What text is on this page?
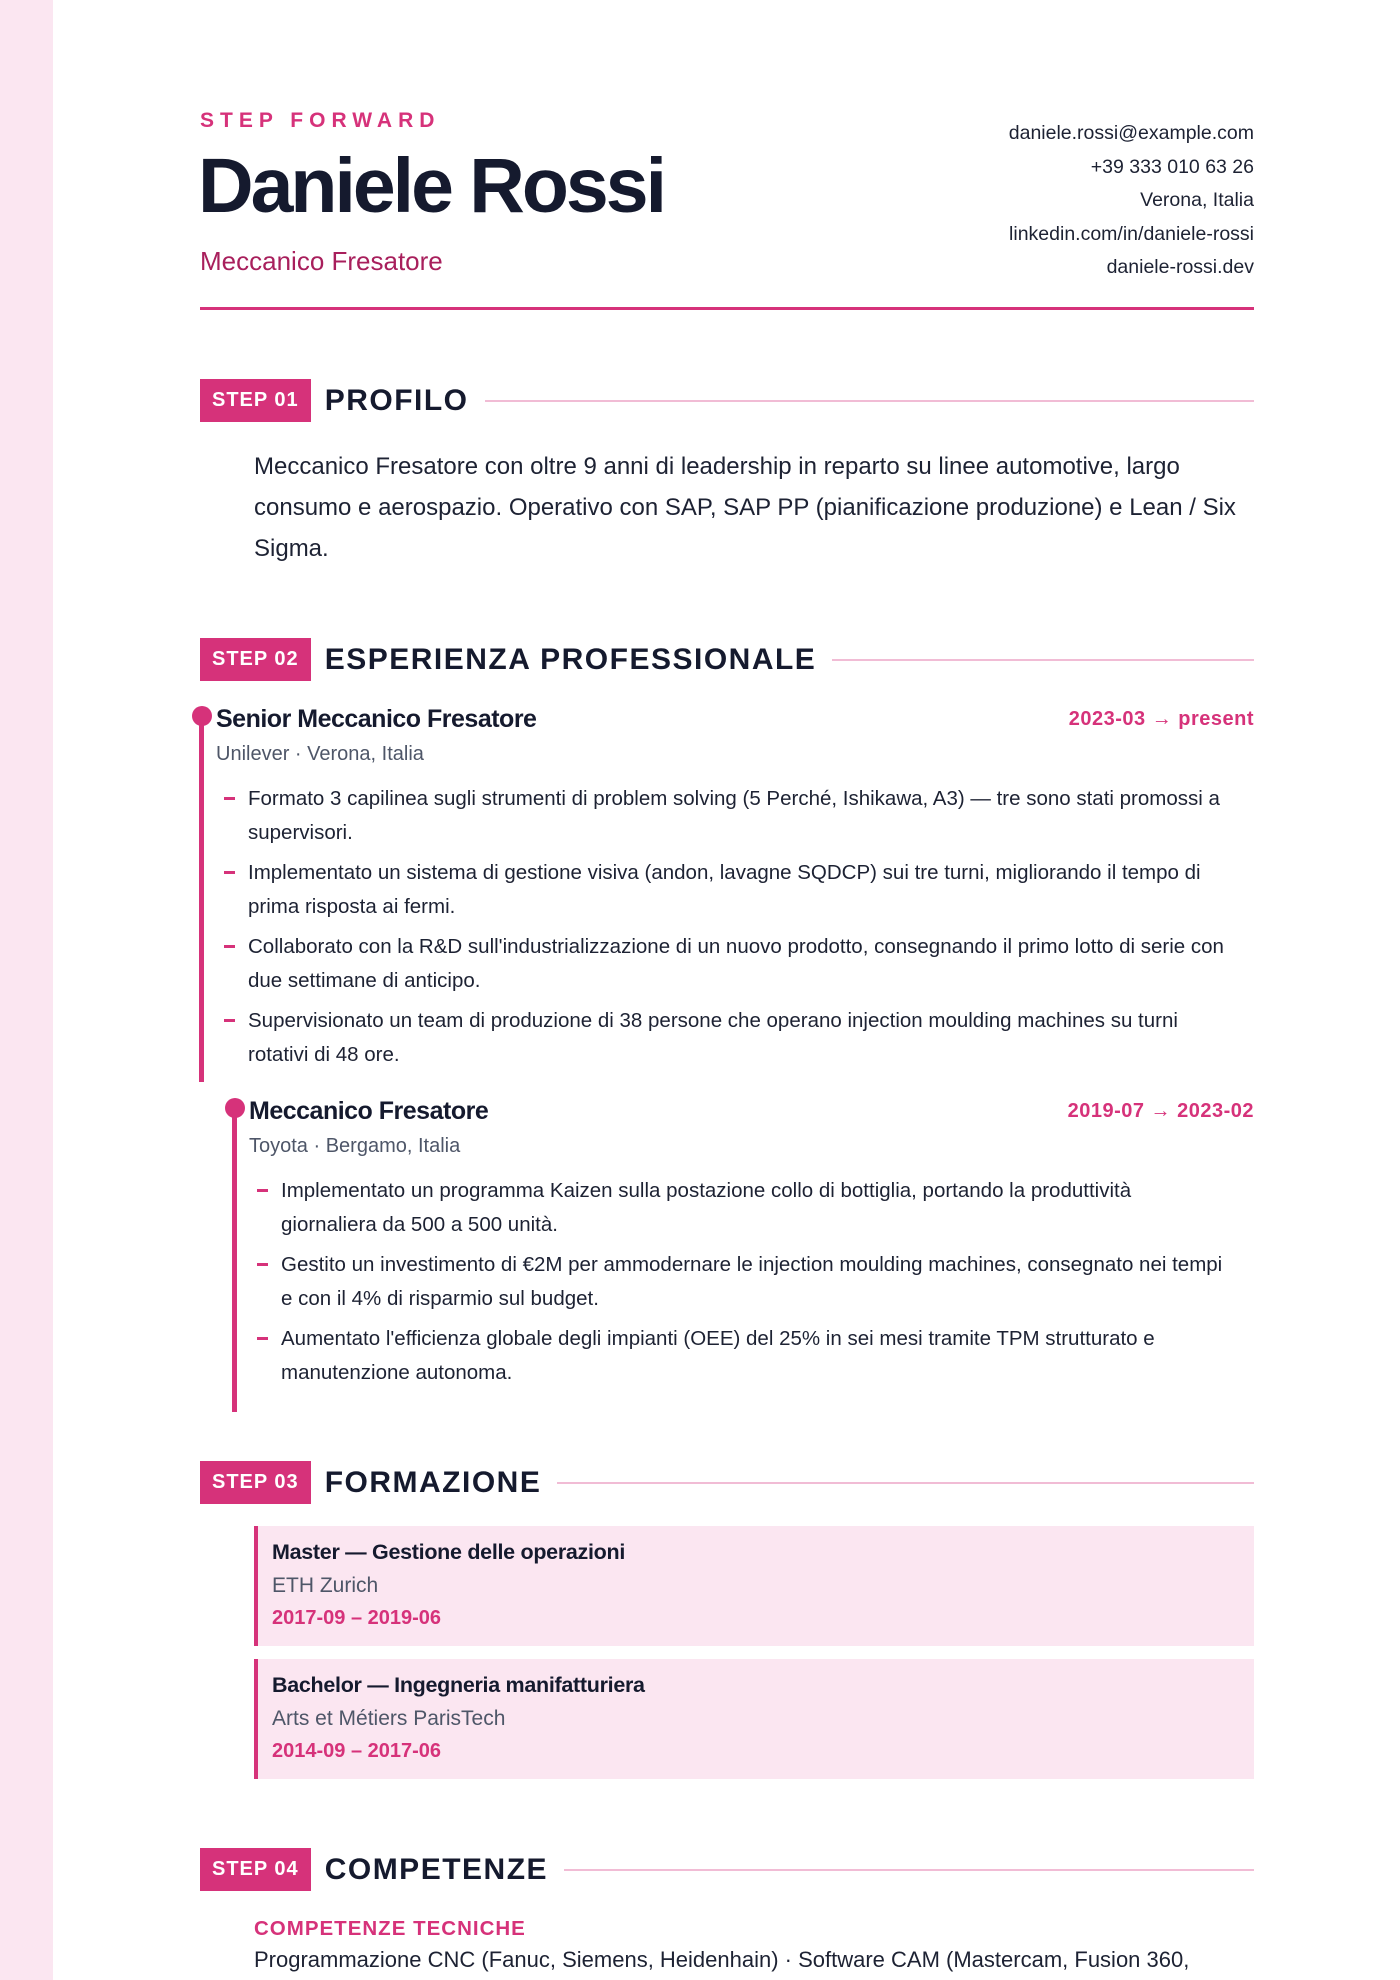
STEP FORWARD
Daniele Rossi
Meccanico Fresatore
daniele.rossi@example.com
+39 333 010 63 26
Verona, Italia
linkedin.com/in/daniele-rossi
daniele-rossi.dev
STEP 01 PROFILO
Meccanico Fresatore con oltre 9 anni di leadership in reparto su linee automotive, largo consumo e aerospazio. Operativo con SAP, SAP PP (pianificazione produzione) e Lean / Six Sigma.
STEP 02 ESPERIENZA PROFESSIONALE
Senior Meccanico Fresatore	2023-03 → present
Unilever · Verona, Italia
Formato 3 capilinea sugli strumenti di problem solving (5 Perché, Ishikawa, A3) — tre sono stati promossi a supervisori.
Implementato un sistema di gestione visiva (andon, lavagne SQDCP) sui tre turni, migliorando il tempo di prima risposta ai fermi.
Collaborato con la R&D sull'industrializzazione di un nuovo prodotto, consegnando il primo lotto di serie con due settimane di anticipo.
Supervisionato un team di produzione di 38 persone che operano injection moulding machines su turni rotativi di 48 ore.
Meccanico Fresatore	2019-07 → 2023-02
Toyota · Bergamo, Italia
Implementato un programma Kaizen sulla postazione collo di bottiglia, portando la produttività giornaliera da 500 a 500 unità.
Gestito un investimento di €2M per ammodernare le injection moulding machines, consegnato nei tempi e con il 4% di risparmio sul budget.
Aumentato l'efficienza globale degli impianti (OEE) del 25% in sei mesi tramite TPM strutturato e manutenzione autonoma.
STEP 03 FORMAZIONE
Master — Gestione delle operazioni
ETH Zurich
2017-09 – 2019-06
Bachelor — Ingegneria manifatturiera
Arts et Métiers ParisTech
2014-09 – 2017-06
STEP 04 COMPETENZE
COMPETENZE TECNICHE
Programmazione CNC (Fanuc, Siemens, Heidenhain) · Software CAM (Mastercam, Fusion 360,
